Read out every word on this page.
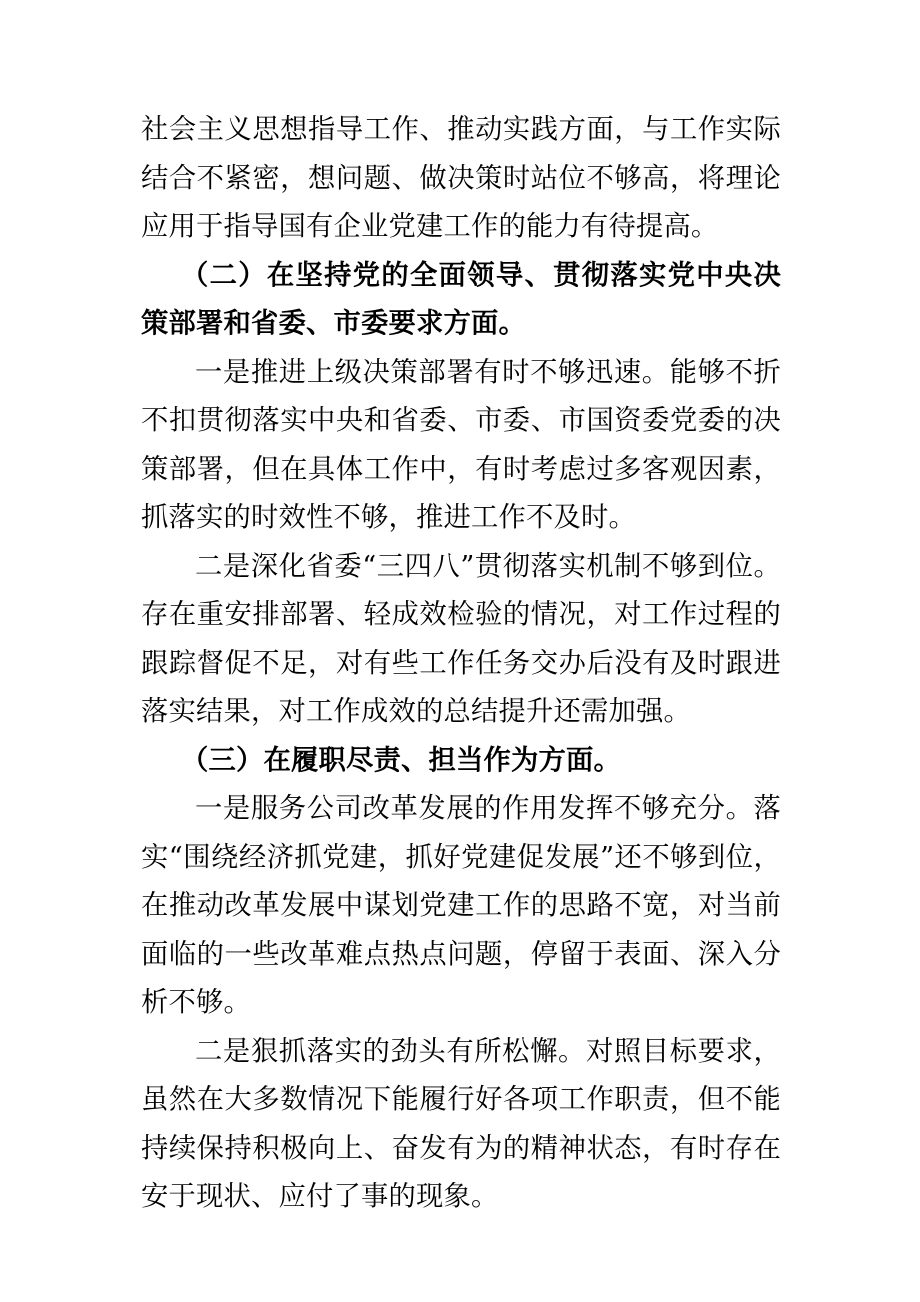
社会主义思想指导工作、推动实践方面，与工作实际结合不紧密，想问题、做决策时站位不够高，将理论应用于指导国有企业党建工作的能力有待提高。

（二）在坚持党的全面领导、贯彻落实党中央决策部署和省委、市委要求方面。

一是推进上级决策部署有时不够迅速。能够不折不扣贯彻落实中央和省委、市委、市国资委党委的决策部署，但在具体工作中，有时考虑过多客观因素，抓落实的时效性不够，推进工作不及时。

二是深化省委“三四八”贯彻落实机制不够到位。存在重安排部署、轻成效检验的情况，对工作过程的跟踪督促不足，对有些工作任务交办后没有及时跟进落实结果，对工作成效的总结提升还需加强。

（三）在履职尽责、担当作为方面。

一是服务公司改革发展的作用发挥不够充分。落实“围绕经济抓党建，抓好党建促发展”还不够到位，在推动改革发展中谋划党建工作的思路不宽，对当前面临的一些改革难点热点问题，停留于表面、深入分析不够。

二是狠抓落实的劲头有所松懈。对照目标要求，虽然在大多数情况下能履行好各项工作职责，但不能持续保持积极向上、奋发有为的精神状态，有时存在安于现状、应付了事的现象。
